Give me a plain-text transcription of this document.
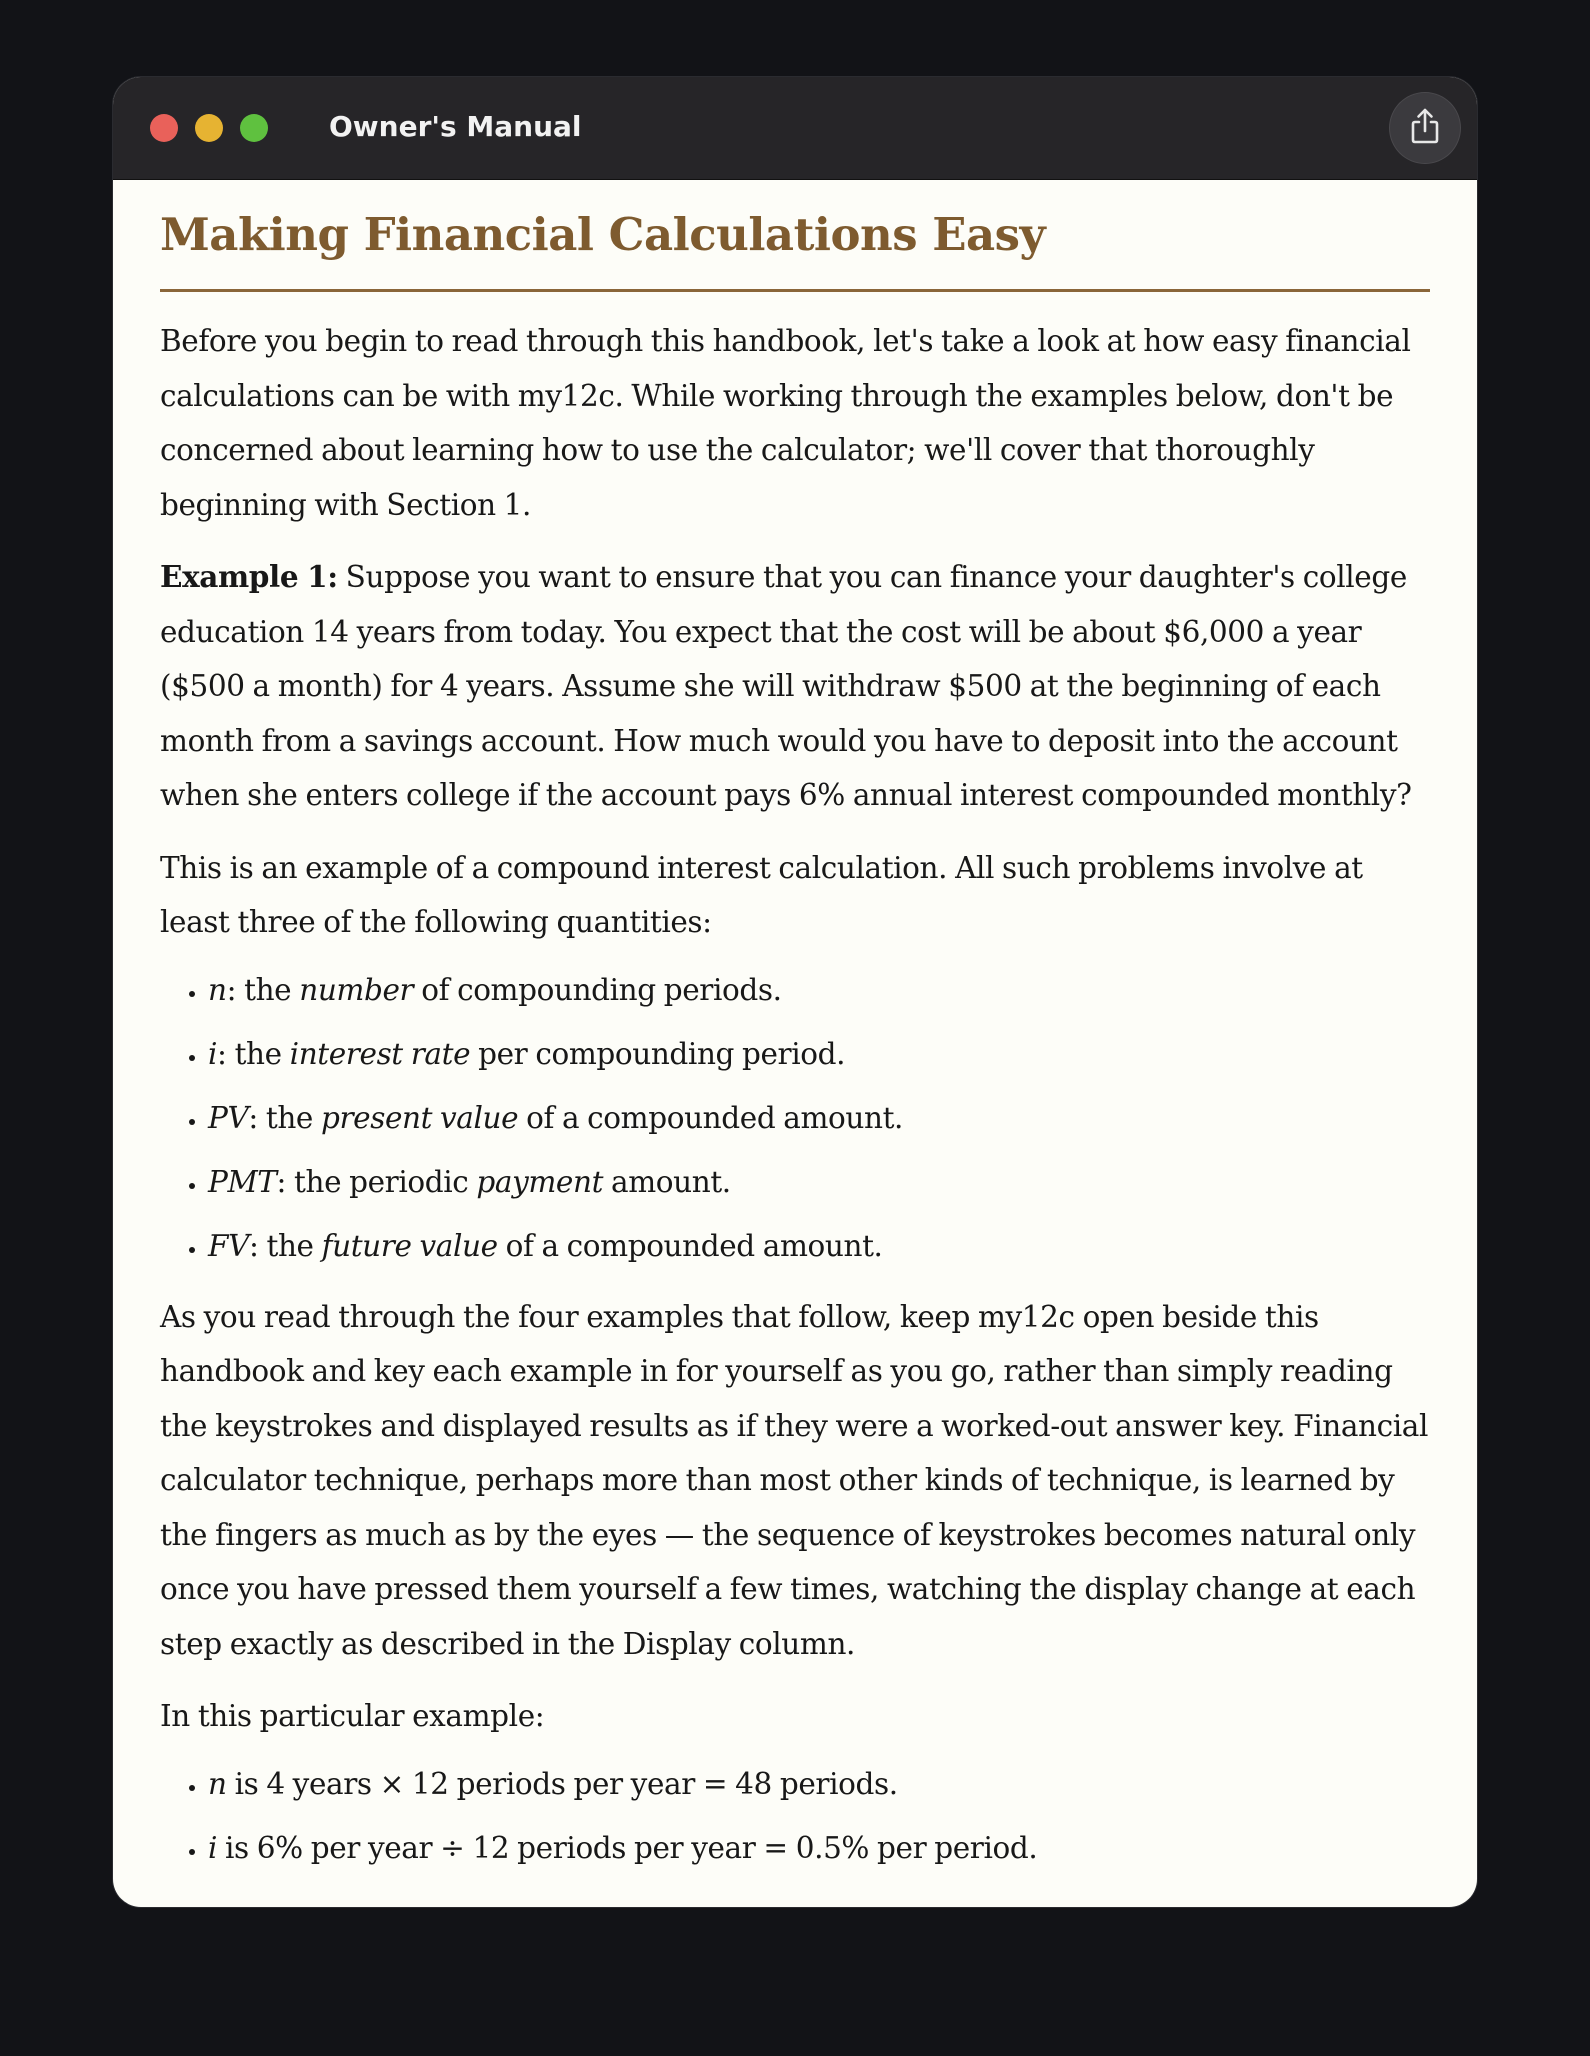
Owner's Manual
Making Financial Calculations Easy

Before you begin to read through this handbook, let's take a look at how easy financial calculations can be with my12c. While working through the examples below, don't be concerned about learning how to use the calculator; we'll cover that thoroughly beginning with Section 1.

Example 1: Suppose you want to ensure that you can finance your daughter's college education 14 years from today. You expect that the cost will be about $6,000 a year ($500 a month) for 4 years. Assume she will withdraw $500 at the beginning of each month from a savings account. How much would you have to deposit into the account when she enters college if the account pays 6% annual interest compounded monthly?

This is an example of a compound interest calculation. All such problems involve at least three of the following quantities:

• n: the number of compounding periods.
• i: the interest rate per compounding period.
• PV: the present value of a compounded amount.
• PMT: the periodic payment amount.
• FV: the future value of a compounded amount.

As you read through the four examples that follow, keep my12c open beside this handbook and key each example in for yourself as you go, rather than simply reading the keystrokes and displayed results as if they were a worked-out answer key. Financial calculator technique, perhaps more than most other kinds of technique, is learned by the fingers as much as by the eyes — the sequence of keystrokes becomes natural only once you have pressed them yourself a few times, watching the display change at each step exactly as described in the Display column.

In this particular example:

• n is 4 years × 12 periods per year = 48 periods.
• i is 6% per year ÷ 12 periods per year = 0.5% per period.
